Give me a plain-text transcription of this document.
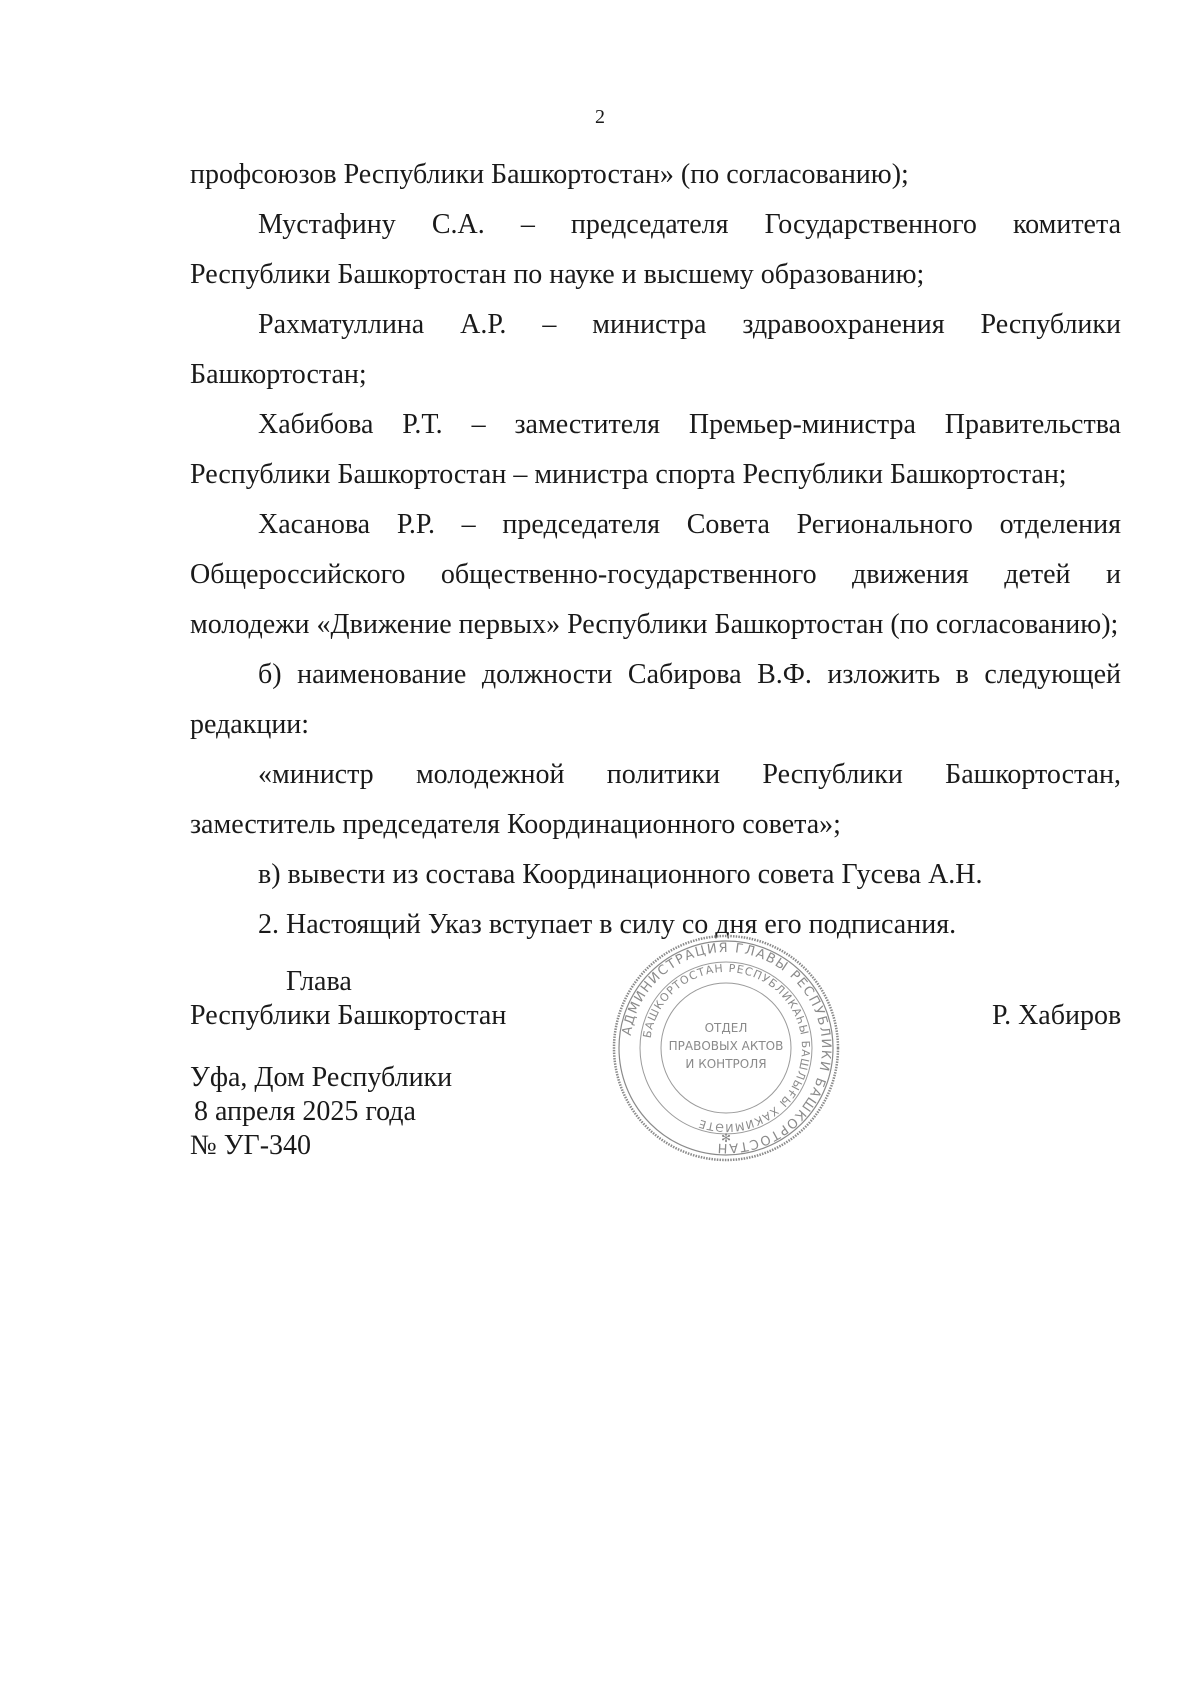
2

профсоюзов Республики Башкортостан» (по согласованию);

Мустафину С.А. – председателя Государственного комитета Республики Башкортостан по науке и высшему образованию;

Рахматуллина А.Р. – министра здравоохранения Республики Башкортостан;

Хабибова Р.Т. – заместителя Премьер-министра Правительства Республики Башкортостан – министра спорта Республики Башкортостан;

Хасанова Р.Р. – председателя Совета Регионального отделения Общероссийского общественно-государственного движения детей и молодежи «Движение первых» Республики Башкортостан (по согласованию);

б) наименование должности Сабирова В.Ф. изложить в следующей редакции:

«министр молодежной политики Республики Башкортостан, заместитель председателя Координационного совета»;

в) вывести из состава Координационного совета Гусева А.Н.

2. Настоящий Указ вступает в силу со дня его подписания.

Глава
Республики Башкортостан	Р. Хабиров
Уфа, Дом Республики
8 апреля 2025 года
№ УГ-340
АДМИНИСТРАЦИЯ ГЛАВЫ РЕСПУБЛИКИ БАШКОРТОСТАН
БАШКОРТОСТАН РЕСПУБЛИКАҺЫ БАШЛЫҒЫ ХАКИМИӘТЕ
ОТДЕЛ
ПРАВОВЫХ АКТОВ
И КОНТРОЛЯ
✻
